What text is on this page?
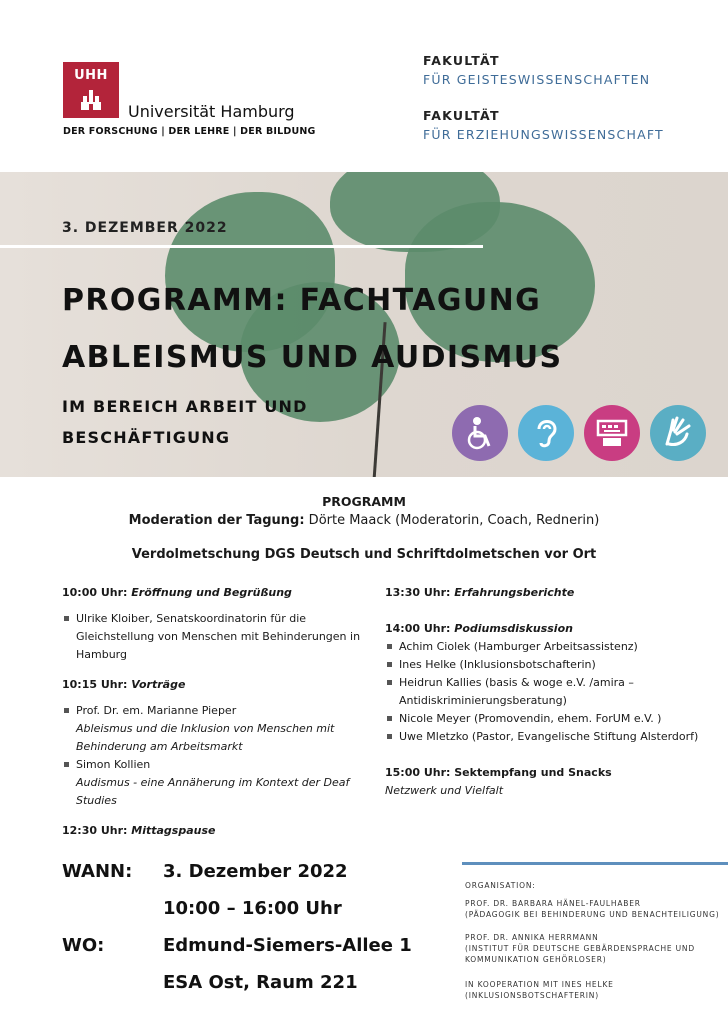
UHH
Universität Hamburg
DER FORSCHUNG | DER LEHRE | DER BILDUNG
FAKULTÄT
FÜR GEISTESWISSENSCHAFTEN
FAKULTÄT
FÜR ERZIEHUNGSWISSENSCHAFT
3. DEZEMBER 2022
PROGRAMM: FACHTAGUNG
ABLEISMUS UND AUDISMUS
IM BEREICH ARBEIT UND
BESCHÄFTIGUNG
PROGRAMM
Moderation der Tagung: Dörte Maack (Moderatorin, Coach, Rednerin)
Verdolmetschung DGS Deutsch und Schriftdolmetschen vor Ort
10:00 Uhr: Eröffnung und Begrüßung
Ulrike Kloiber, Senatskoordinatorin für die
Gleichstellung von Menschen mit Behinderungen in
Hamburg
10:15 Uhr: Vorträge
Prof. Dr. em. Marianne Pieper
Ableismus und die Inklusion von Menschen mit
Behinderung am Arbeitsmarkt
Simon Kollien
Audismus - eine Annäherung im Kontext der Deaf Studies
12:30 Uhr: Mittagspause
13:30 Uhr: Erfahrungsberichte
14:00 Uhr: Podiumsdiskussion
Achim Ciolek (Hamburger Arbeitsassistenz)
Ines Helke (Inklusionsbotschafterin)
Heidrun Kallies (basis & woge e.V. /amira –
Antidiskriminierungsberatung)
Nicole Meyer (Promovendin, ehem. ForUM e.V. )
Uwe Mletzko (Pastor, Evangelische Stiftung Alsterdorf)
15:00 Uhr: Sektempfang und Snacks
Netzwerk und Vielfalt
WANN: 3. Dezember 2022
10:00 – 16:00 Uhr
WO:	Edmund-Siemers-Allee 1
ESA Ost, Raum 221
ORGANISATION:
PROF. DR. BARBARA HÄNEL-FAULHABER
(PÄDAGOGIK BEI BEHINDERUNG UND BENACHTEILIGUNG)
PROF. DR. ANNIKA HERRMANN
(INSTITUT FÜR DEUTSCHE GEBÄRDENSPRACHE UND
KOMMUNIKATION GEHÖRLOSER)
IN KOOPERATION MIT INES HELKE
(INKLUSIONSBOTSCHAFTERIN)
